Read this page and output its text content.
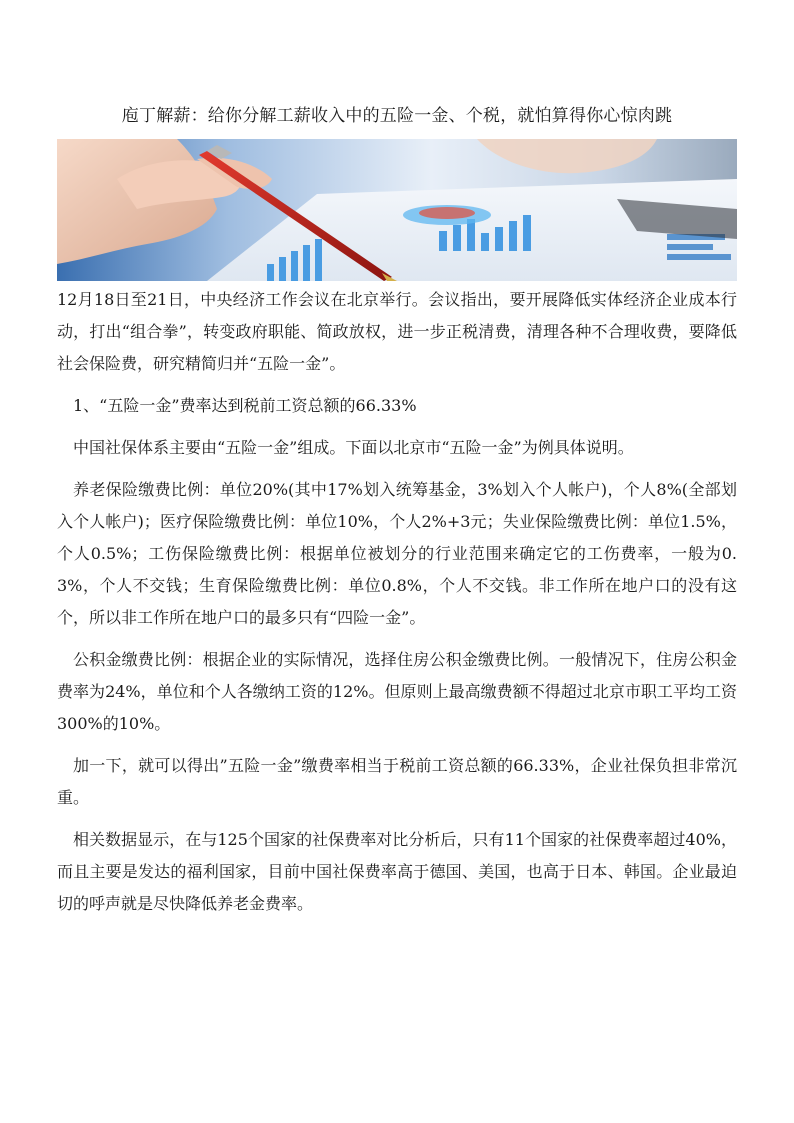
庖丁解薪：给你分解工薪收入中的五险一金、个税，就怕算得你心惊肉跳

12月18日至21日，中央经济工作会议在北京举行。会议指出，要开展降低实体经济企业成本行动，打出“组合拳”，转变政府职能、简政放权，进一步正税清费，清理各种不合理收费，要降低社会保险费，研究精简归并“五险一金”。

1、“五险一金”费率达到税前工资总额的66.33%

中国社保体系主要由“五险一金”组成。下面以北京市“五险一金”为例具体说明。

养老保险缴费比例：单位20%(其中17%划入统筹基金，3%划入个人帐户)，个人8%(全部划入个人帐户)；医疗保险缴费比例：单位10%，个人2%+3元；失业保险缴费比例：单位1.5%，个人0.5%；工伤保险缴费比例：根据单位被划分的行业范围来确定它的工伤费率，一般为0.3%，个人不交钱；生育保险缴费比例：单位0.8%，个人不交钱。非工作所在地户口的没有这个，所以非工作所在地户口的最多只有“四险一金”。

公积金缴费比例：根据企业的实际情况，选择住房公积金缴费比例。一般情况下，住房公积金费率为24%，单位和个人各缴纳工资的12%。但原则上最高缴费额不得超过北京市职工平均工资300%的10%。

加一下，就可以得出”五险一金”缴费率相当于税前工资总额的66.33%，企业社保负担非常沉重。

相关数据显示，在与125个国家的社保费率对比分析后，只有11个国家的社保费率超过40%，而且主要是发达的福利国家，目前中国社保费率高于德国、美国，也高于日本、韩国。企业最迫切的呼声就是尽快降低养老金费率。
